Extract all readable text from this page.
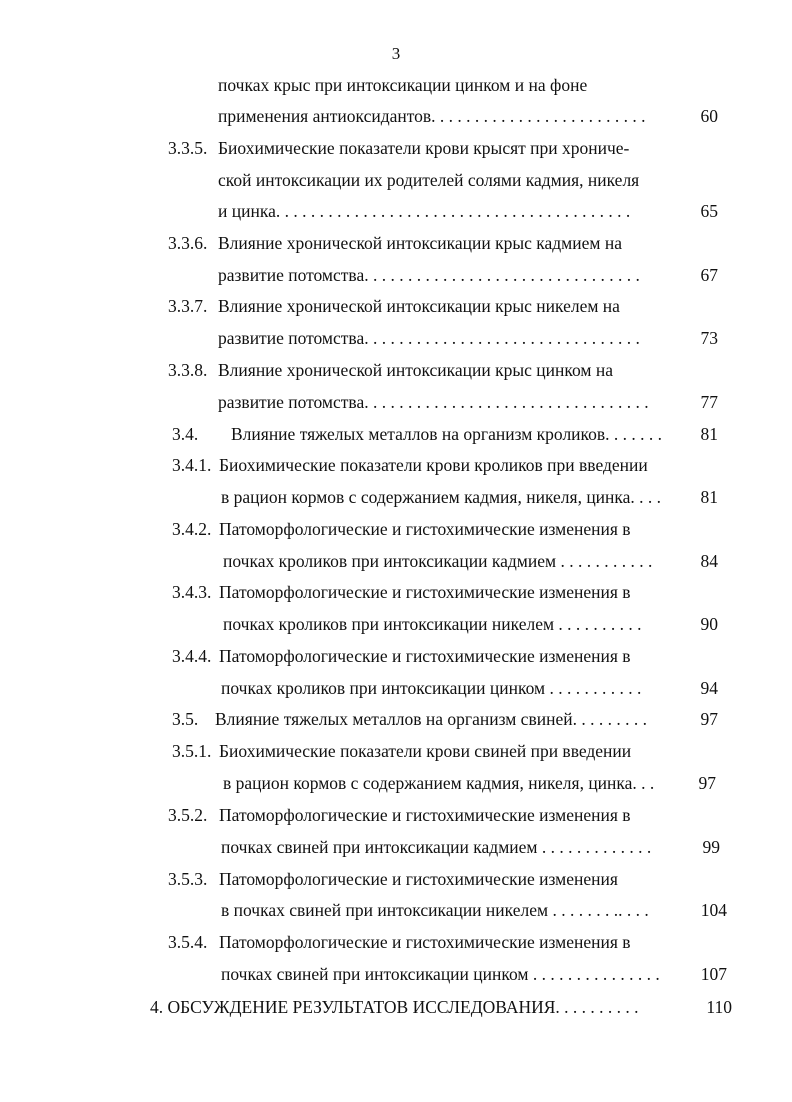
3
почках крыс при интоксикации цинком и на фоне
применения антиоксидантов. . . . . . . . . . . . . . . . . . . . . . . . .	60
3.3.5. Биохимические показатели крови крысят при хрониче-
ской интоксикации их родителей солями кадмия, никеля
и цинка. . . . . . . . . . . . . . . . . . . . . . . . . . . . . . . . . . . . . . . . .	65
3.3.6. Влияние хронической интоксикации крыс кадмием на
развитие потомства. . . . . . . . . . . . . . . . . . . . . . . . . . . . . . . .	67
3.3.7. Влияние хронической интоксикации крыс никелем на
развитие потомства. . . . . . . . . . . . . . . . . . . . . . . . . . . . . . . .	73
3.3.8. Влияние хронической интоксикации крыс цинком на
развитие потомства. . . . . . . . . . . . . . . . . . . . . . . . . . . . . . . . .	77
3.4. Влияние тяжелых металлов на организм кроликов. . . . . . .	81
3.4.1. Биохимические показатели крови кроликов при введении
в рацион кормов с содержанием кадмия, никеля, цинка. . . .	81
3.4.2. Патоморфологические и гистохимические изменения в
почках кроликов при интоксикации кадмием . . . . . . . . . . .	84
3.4.3. Патоморфологические и гистохимические изменения в
почках кроликов при интоксикации никелем . . . . . . . . . .	90
3.4.4. Патоморфологические и гистохимические изменения в
почках кроликов при интоксикации цинком . . . . . . . . . . .	94
3.5. Влияние тяжелых металлов на организм свиней. . . . . . . . .	97
3.5.1. Биохимические показатели крови свиней при введении
в рацион кормов с содержанием кадмия, никеля, цинка. . .	97
3.5.2. Патоморфологические и гистохимические изменения в
почках свиней при интоксикации кадмием . . . . . . . . . . . . .	99
3.5.3. Патоморфологические и гистохимические изменения
в почках свиней при интоксикации никелем . . . . . . . .. . . .	104
3.5.4. Патоморфологические и гистохимические изменения в
почках свиней при интоксикации цинком . . . . . . . . . . . . . . .	107
4. ОБСУЖДЕНИЕ РЕЗУЛЬТАТОВ ИССЛЕДОВАНИЯ. . . . . . . . . .	110
